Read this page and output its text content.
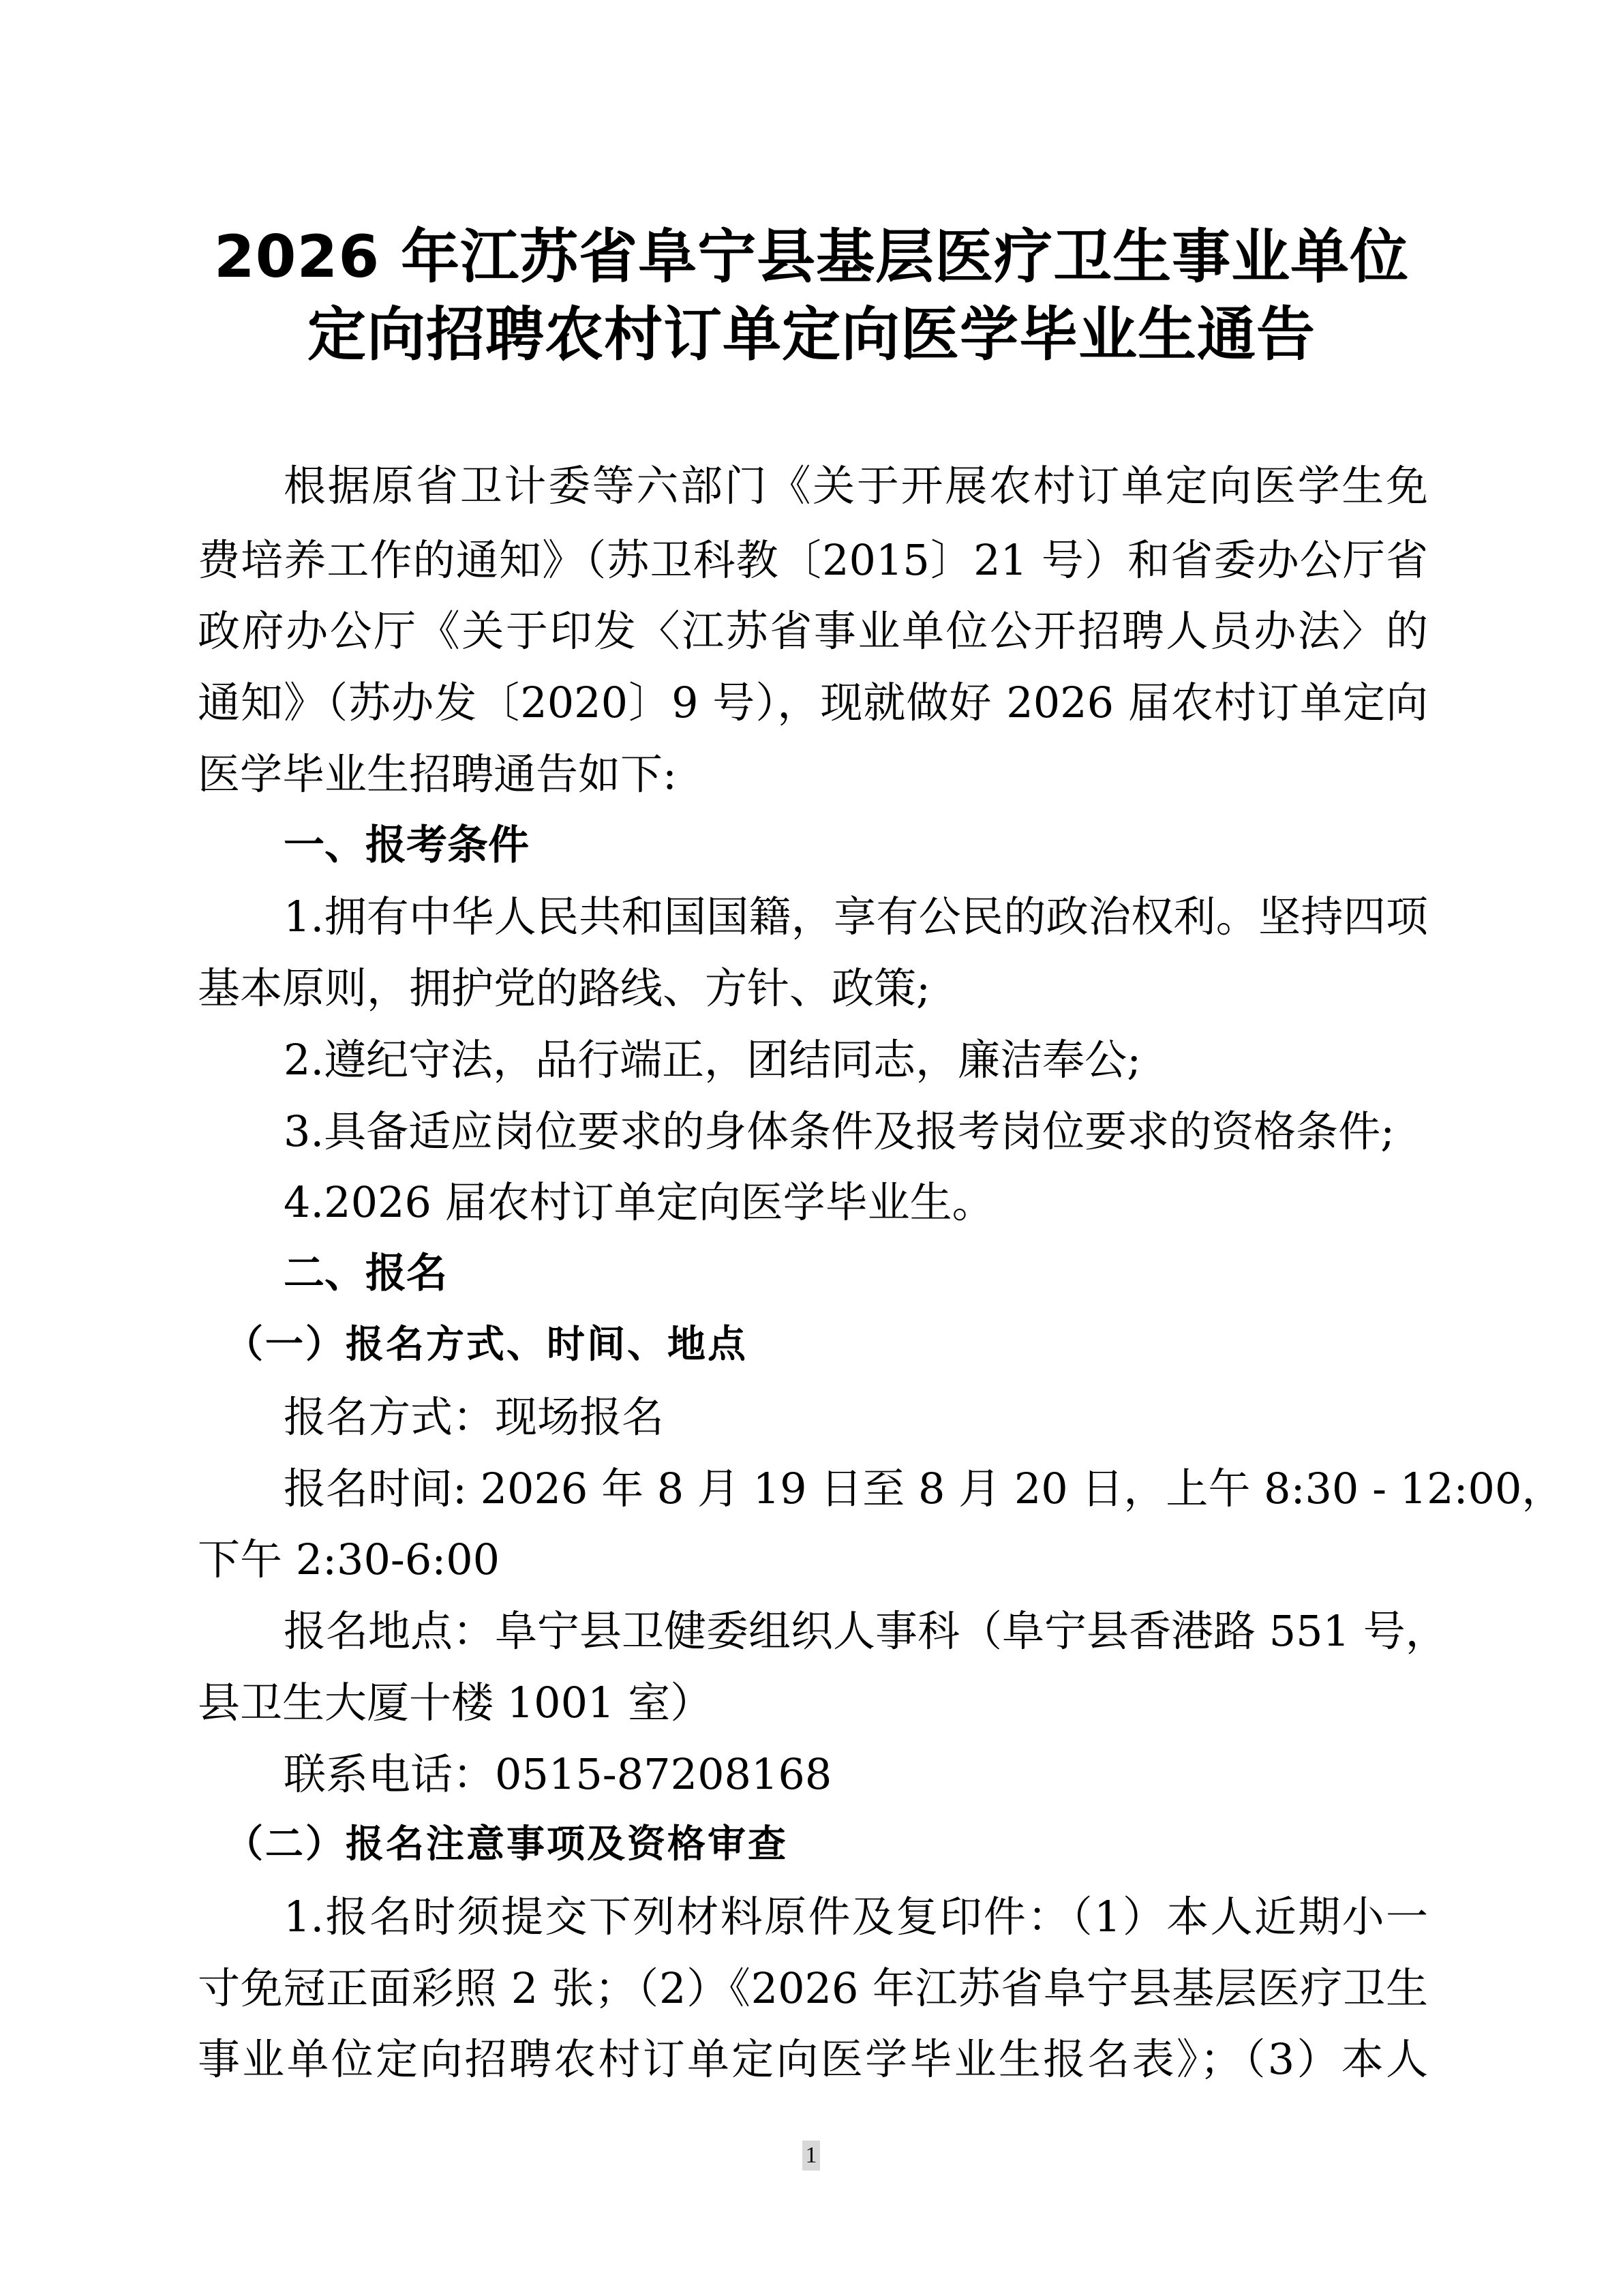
2026 年江苏省阜宁县基层医疗卫生事业单位
定向招聘农村订单定向医学毕业生通告
根据原省卫计委等六部门《关于开展农村订单定向医学生免
费培养工作的通知》（苏卫科教〔2015〕21 号）和省委办公厅省
政府办公厅《关于印发〈江苏省事业单位公开招聘人员办法〉的
通知》（苏办发〔2020〕9 号），现就做好 2026 届农村订单定向
医学毕业生招聘通告如下:
一、报考条件
1.拥有中华人民共和国国籍，享有公民的政治权利。坚持四项
基本原则，拥护党的路线、方针、政策;
2.遵纪守法，品行端正，团结同志，廉洁奉公;
3.具备适应岗位要求的身体条件及报考岗位要求的资格条件;
4.2026 届农村订单定向医学毕业生。
二、报名
（一）报名方式、时间、地点
报名方式：现场报名
报名时间: 2026 年 8 月 19 日至 8 月 20 日，上午 8:30 - 12:00，
下午 2:30-6:00
报名地点：阜宁县卫健委组织人事科（阜宁县香港路 551 号，
县卫生大厦十楼 1001 室）
联系电话：0515-87208168
（二）报名注意事项及资格审查
1.报名时须提交下列材料原件及复印件：（1）本人近期小一
寸免冠正面彩照 2 张；（2）《2026 年江苏省阜宁县基层医疗卫生
事业单位定向招聘农村订单定向医学毕业生报名表》；（3）本人
1
